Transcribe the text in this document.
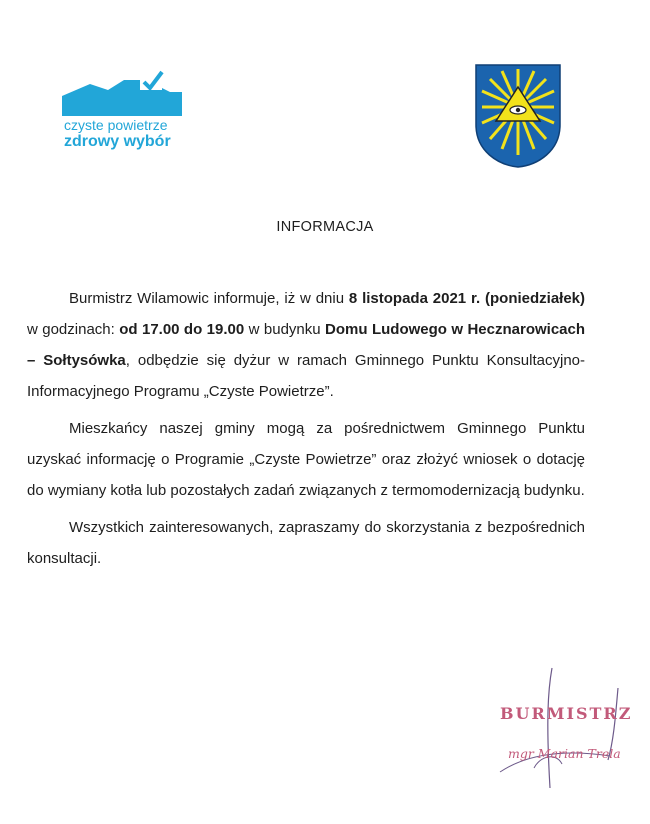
czyste powietrze
zdrowy wybór
INFORMACJA

Burmistrz Wilamowic informuje, iż w dniu 8 listopada 2021 r. (poniedziałek) w godzinach: od 17.00 do 19.00 w budynku Domu Ludowego w Hecznarowicach – Sołtysówka, odbędzie się dyżur w ramach Gminnego Punktu Konsultacyjno-Informacyjnego Programu „Czyste Powietrze”.

Mieszkańcy naszej gminy mogą za pośrednictwem Gminnego Punktu uzyskać informację o Programie „Czyste Powietrze” oraz złożyć wniosek o dotację do wymiany kotła lub pozostałych zadań związanych z termomodernizacją budynku.

Wszystkich zainteresowanych, zapraszamy do skorzystania z bezpośrednich konsultacji.

BURMISTRZ
mgr Marian Trela
